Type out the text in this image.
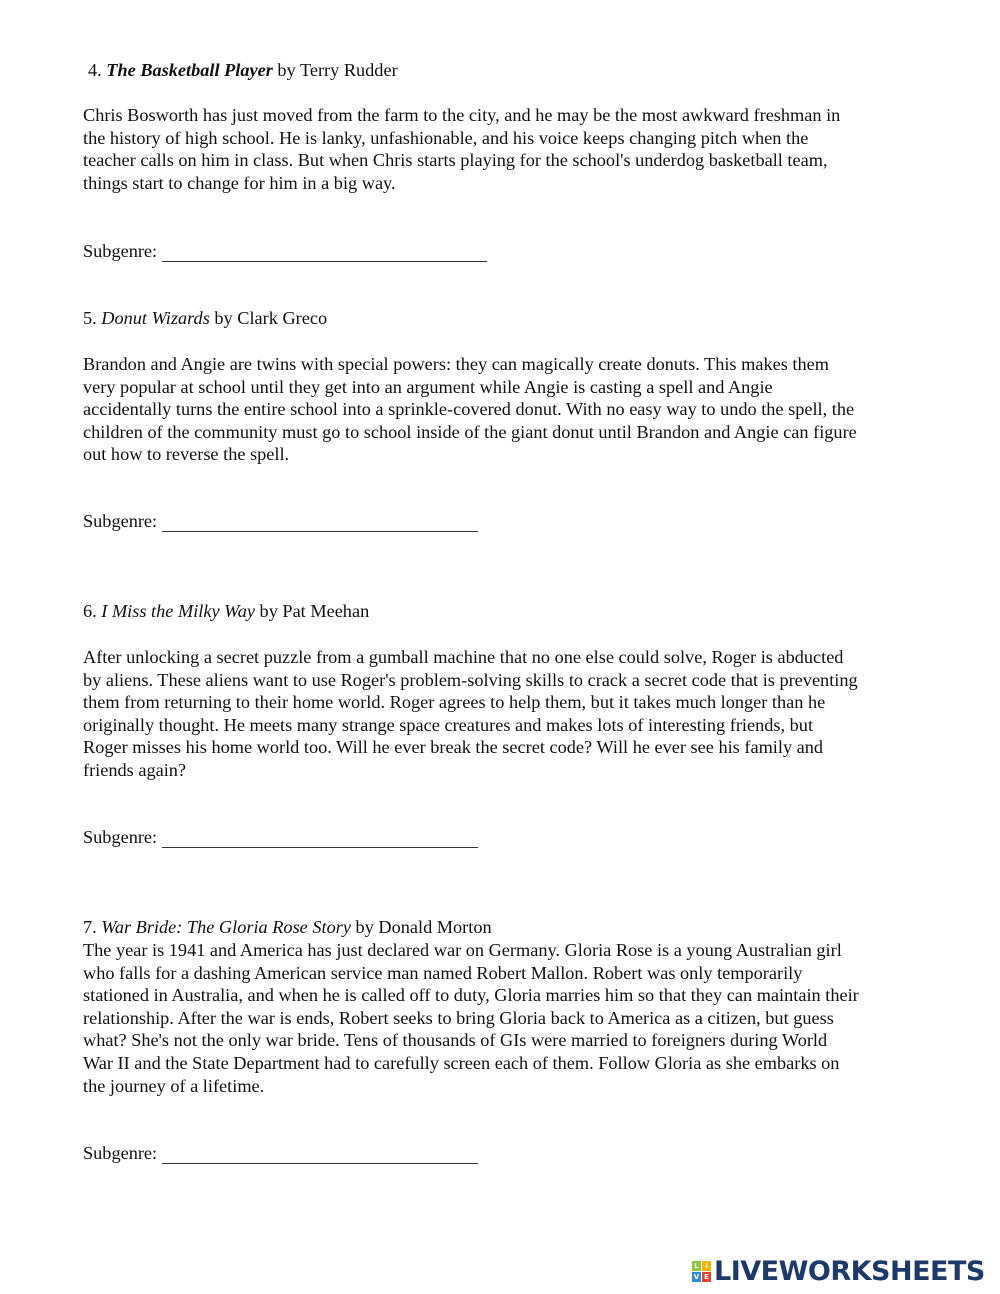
4. The Basketball Player by Terry Rudder
Chris Bosworth has just moved from the farm to the city, and he may be the most awkward freshman in
the history of high school. He is lanky, unfashionable, and his voice keeps changing pitch when the
teacher calls on him in class. But when Chris starts playing for the school's underdog basketball team,
things start to change for him in a big way.
Subgenre:
5. Donut Wizards by Clark Greco
Brandon and Angie are twins with special powers: they can magically create donuts. This makes them
very popular at school until they get into an argument while Angie is casting a spell and Angie
accidentally turns the entire school into a sprinkle-covered donut. With no easy way to undo the spell, the
children of the community must go to school inside of the giant donut until Brandon and Angie can figure
out how to reverse the spell.
Subgenre:
6. I Miss the Milky Way by Pat Meehan
After unlocking a secret puzzle from a gumball machine that no one else could solve, Roger is abducted
by aliens. These aliens want to use Roger's problem-solving skills to crack a secret code that is preventing
them from returning to their home world. Roger agrees to help them, but it takes much longer than he
originally thought. He meets many strange space creatures and makes lots of interesting friends, but
Roger misses his home world too. Will he ever break the secret code? Will he ever see his family and
friends again?
Subgenre:
7. War Bride: The Gloria Rose Story by Donald Morton
The year is 1941 and America has just declared war on Germany. Gloria Rose is a young Australian girl
who falls for a dashing American service man named Robert Mallon. Robert was only temporarily
stationed in Australia, and when he is called off to duty, Gloria marries him so that they can maintain their
relationship. After the war is ends, Robert seeks to bring Gloria back to America as a citizen, but guess
what? She's not the only war bride. Tens of thousands of GIs were married to foreigners during World
War II and the State Department had to carefully screen each of them. Follow Gloria as she embarks on
the journey of a lifetime.
Subgenre:
L I
V E LIVEWORKSHEETS
